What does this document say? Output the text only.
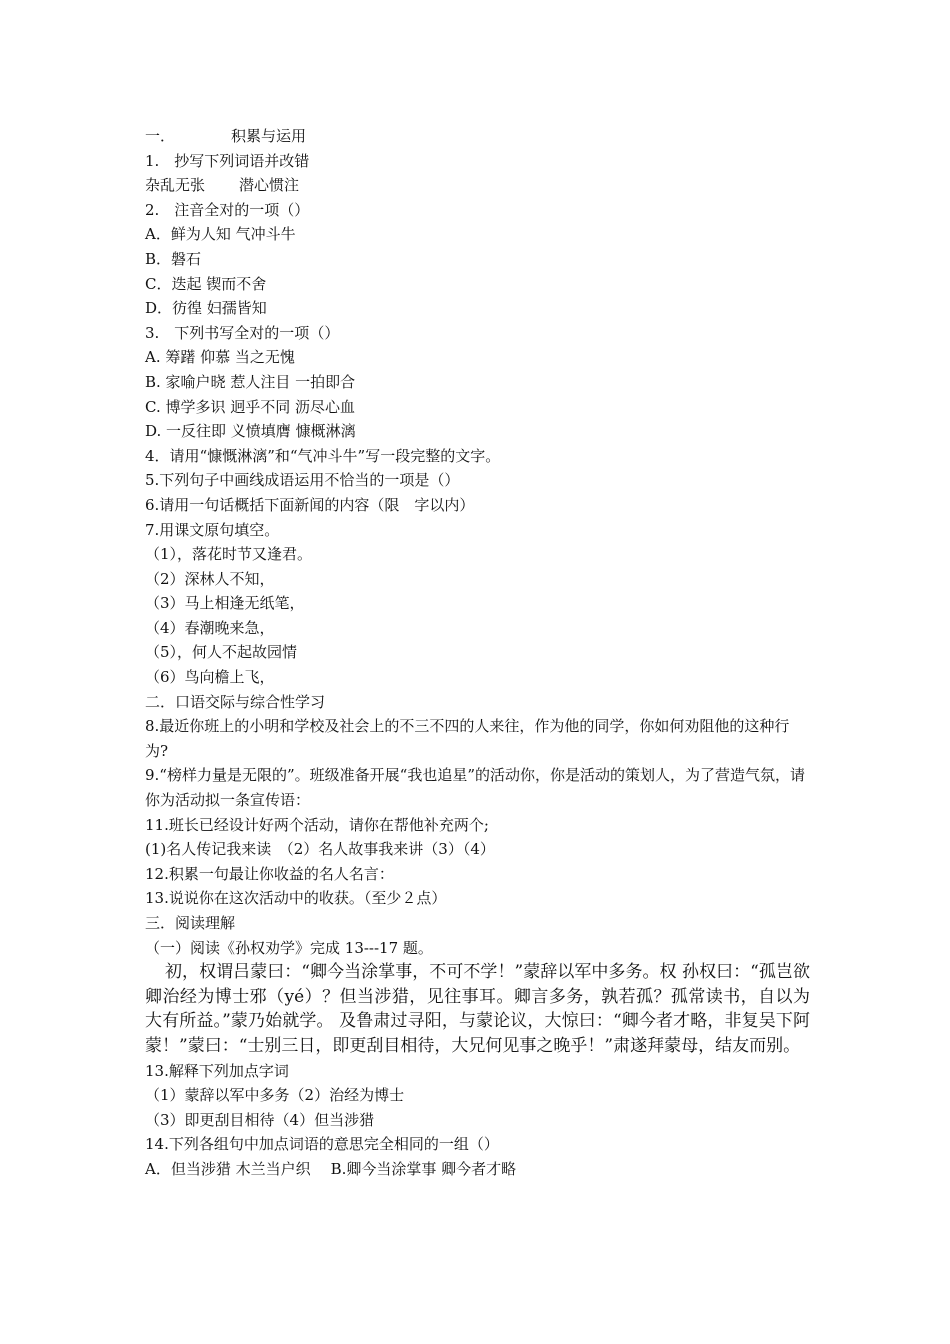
一．	积累与运用
1.　抄写下列词语并改错
杂乱无张 潜心惯注
2.　注音全对的一项（）
A．鲜为人知 气冲斗牛
B．磐石
C．迭起 锲而不舍
D．彷徨 妇孺皆知
3.　下列书写全对的一项（）
A. 筹躇 仰慕 当之无愧
B. 家喻户晓 惹人注目 一拍即合
C. 博学多识 迥乎不同 沥尽心血
D. 一反往即 义愤填膺 慷概淋漓
4．请用“慷慨淋漓”和“气冲斗牛”写一段完整的文字。
5.下列句子中画线成语运用不恰当的一项是（）
6.请用一句话概括下面新闻的内容（限　字以内）
7.用课文原句填空。
（1），落花时节又逢君。
（2）深林人不知，
（3）马上相逢无纸笔，
（4）春潮晚来急，
（5），何人不起故园情
（6）鸟向檐上飞，
二．口语交际与综合性学习
8.最近你班上的小明和学校及社会上的不三不四的人来往，作为他的同学，你如何劝阻他的这种行为?
9.“榜样力量是无限的”。班级准备开展“我也追星”的活动你，你是活动的策划人，为了营造气氛，请你为活动拟一条宣传语：
11.班长已经设计好两个活动，请你在帮他补充两个;
(1)名人传记我来读　（2）名人故事我来讲（3）（4）
12.积累一句最让你收益的名人名言：
13.说说你在这次活动中的收获。（至少２点）
三．阅读理解
（一）阅读《孙权劝学》完成 13---17 题。
初，权谓吕蒙曰：“卿今当涂掌事，不可不学！”蒙辞以军中多务。权 孙权曰：“孤岂欲卿治经为博士邪（yé）？但当涉猎，见往事耳。卿言多务，孰若孤？孤常读书，自以为大有所益。”蒙乃始就学。 及鲁肃过寻阳，与蒙论议，大惊曰：“卿今者才略，非复吴下阿蒙！”蒙曰：“士别三日，即更刮目相待，大兄何见事之晚乎！”肃遂拜蒙母，结友而别。
13.解释下列加点字词
（1）蒙辞以军中多务（2）治经为博士
（3）即更刮目相待（4）但当涉猎
14.下列各组句中加点词语的意思完全相同的一组（）
A．但当涉猎 木兰当户织 B.卿今当涂掌事 卿今者才略
